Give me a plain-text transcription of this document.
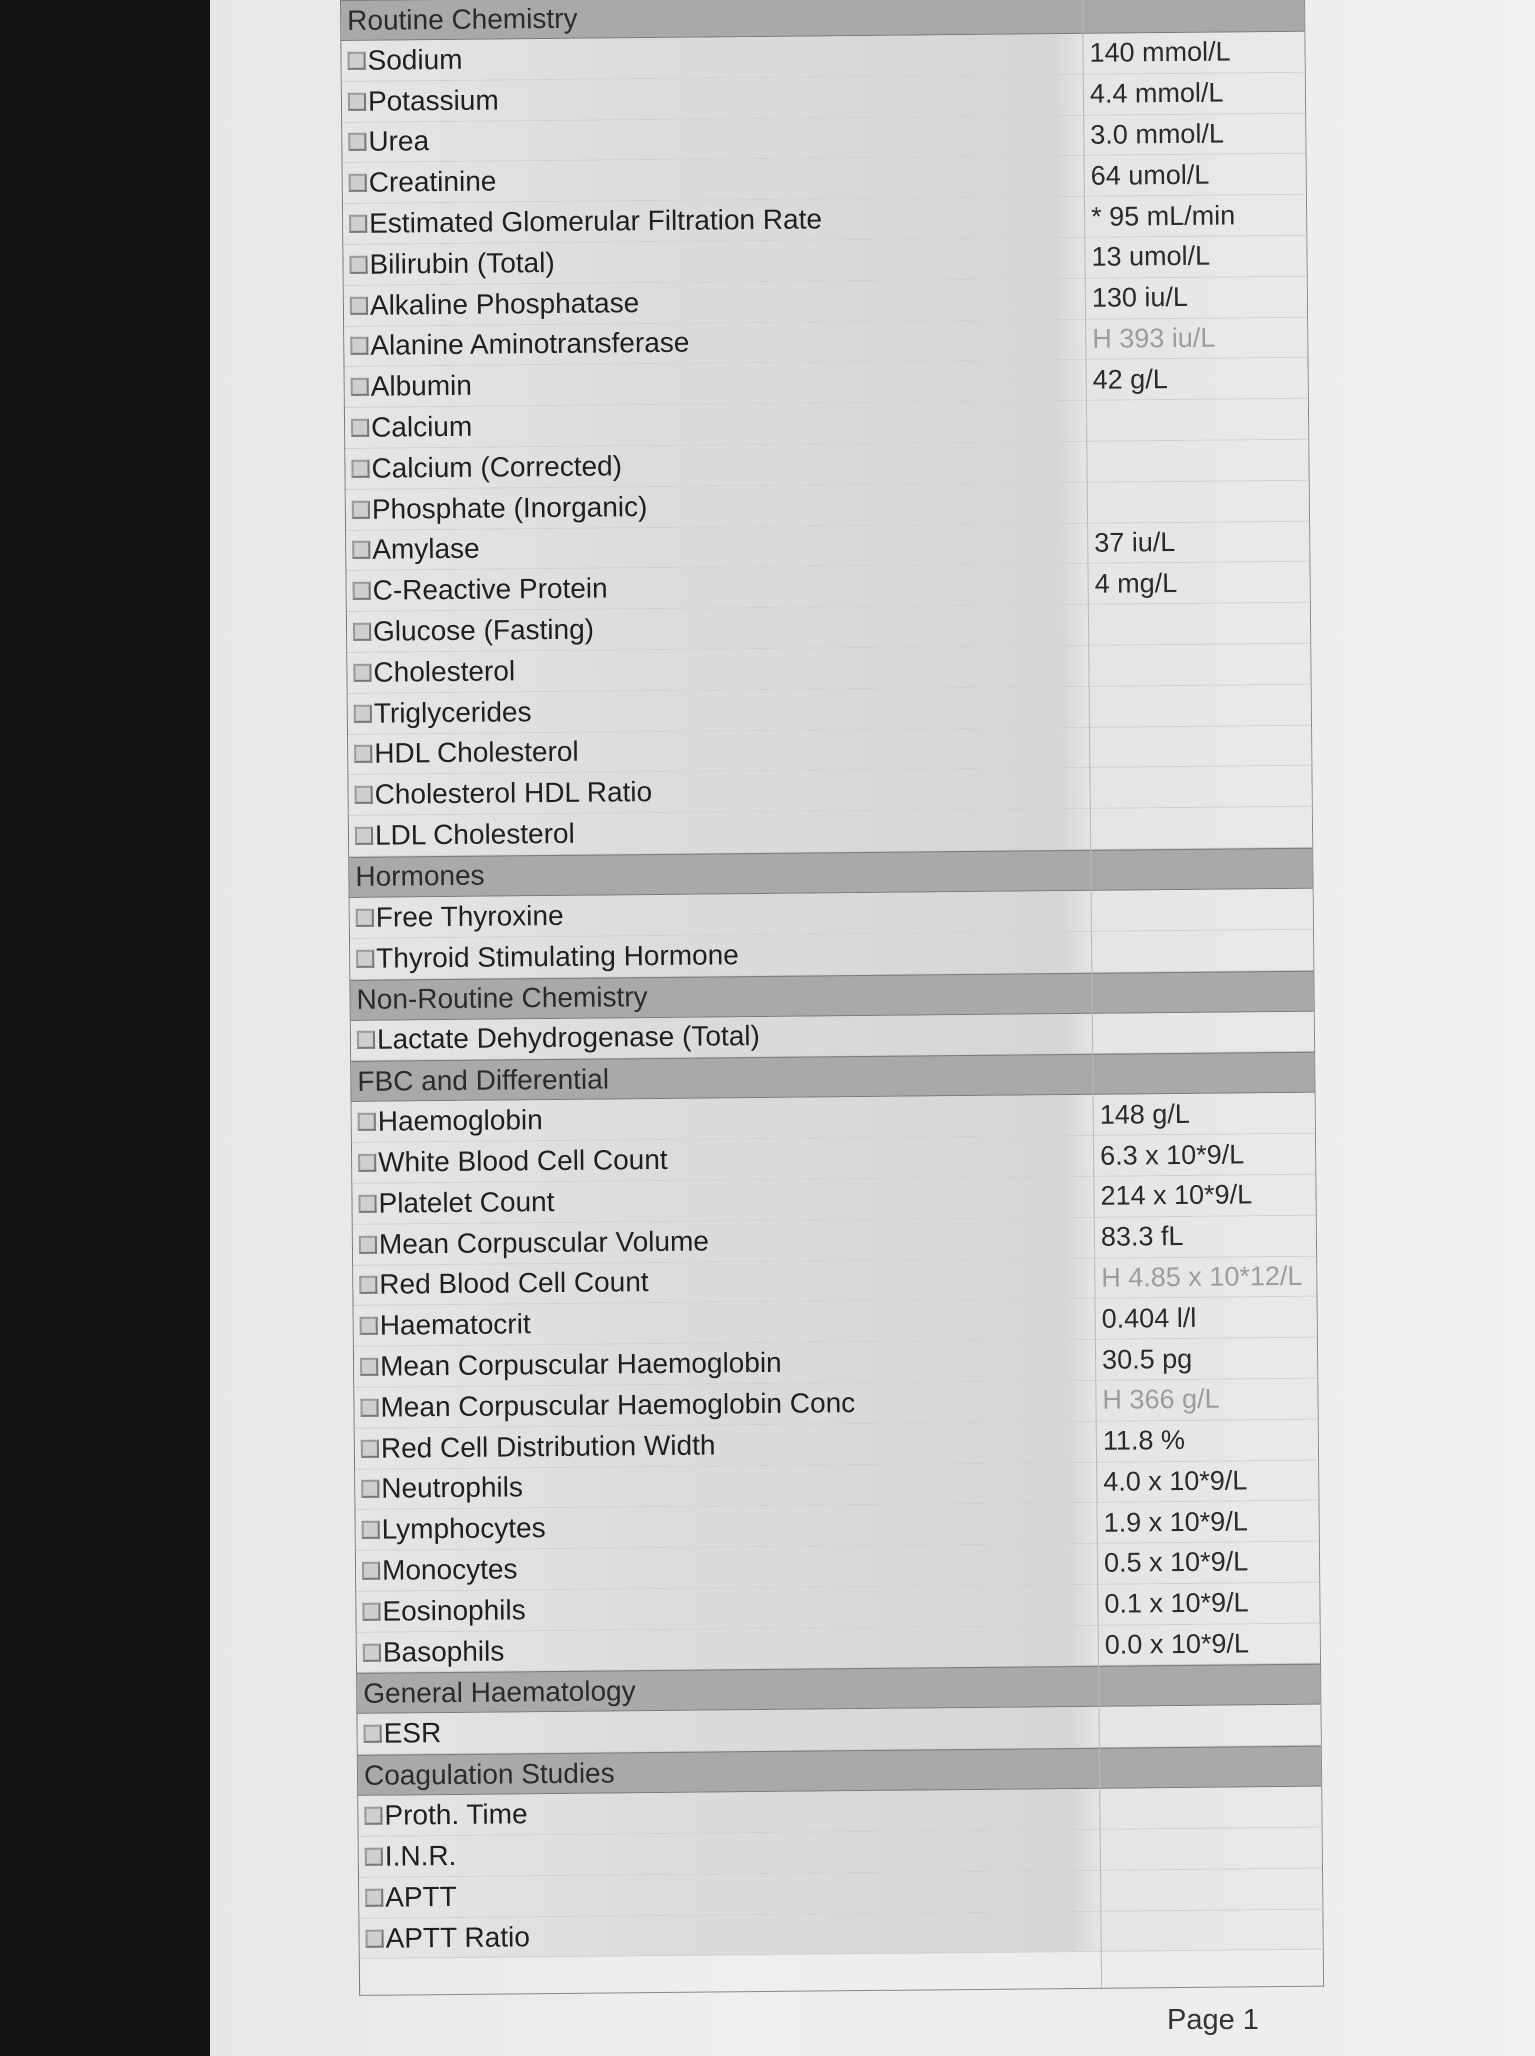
Routine Chemistry
Sodium	140 mmol/L
Potassium	4.4 mmol/L
Urea	3.0 mmol/L
Creatinine	64 umol/L
Estimated Glomerular Filtration Rate	* 95 mL/min
Bilirubin (Total)	13 umol/L
Alkaline Phosphatase	130 iu/L
Alanine Aminotransferase	H 393 iu/L
Albumin	42 g/L
Calcium
Calcium (Corrected)
Phosphate (Inorganic)
Amylase	37 iu/L
C-Reactive Protein	4 mg/L
Glucose (Fasting)
Cholesterol
Triglycerides
HDL Cholesterol
Cholesterol HDL Ratio
LDL Cholesterol
Hormones
Free Thyroxine
Thyroid Stimulating Hormone
Non-Routine Chemistry
Lactate Dehydrogenase (Total)
FBC and Differential
Haemoglobin	148 g/L
White Blood Cell Count	6.3 x 10*9/L
Platelet Count	214 x 10*9/L
Mean Corpuscular Volume	83.3 fL
Red Blood Cell Count	H 4.85 x 10*12/L
Haematocrit	0.404 l/l
Mean Corpuscular Haemoglobin	30.5 pg
Mean Corpuscular Haemoglobin Conc	H 366 g/L
Red Cell Distribution Width	11.8 %
Neutrophils	4.0 x 10*9/L
Lymphocytes	1.9 x 10*9/L
Monocytes	0.5 x 10*9/L
Eosinophils	0.1 x 10*9/L
Basophils	0.0 x 10*9/L
General Haematology
ESR
Coagulation Studies
Proth. Time
I.N.R.
APTT
APTT Ratio
Page 1
